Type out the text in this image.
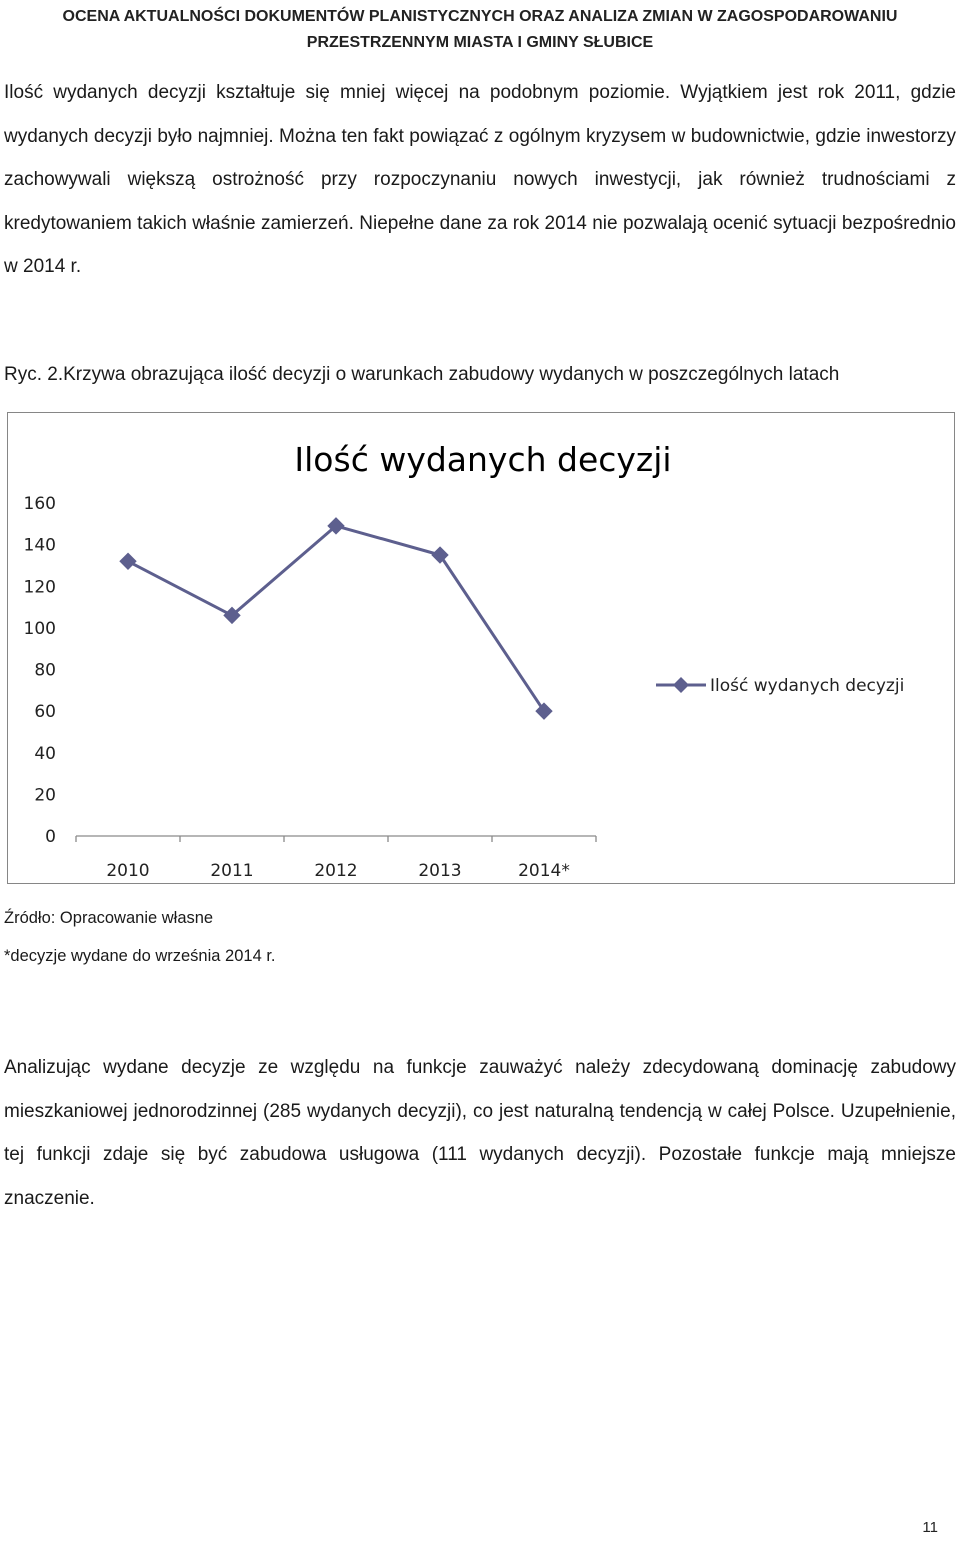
OCENA AKTUALNOŚCI DOKUMENTÓW PLANISTYCZNYCH ORAZ ANALIZA ZMIAN W ZAGOSPODAROWANIU
PRZESTRZENNYM MIASTA I GMINY SŁUBICE

Ilość wydanych decyzji kształtuje się mniej więcej na podobnym poziomie. Wyjątkiem jest rok 2011, gdzie wydanych decyzji było najmniej. Można ten fakt powiązać z ogólnym kryzysem w budownictwie, gdzie inwestorzy zachowywali większą ostrożność przy rozpoczynaniu nowych inwestycji, jak również trudnościami z kredytowaniem takich właśnie zamierzeń. Niepełne dane za rok 2014 nie pozwalają ocenić sytuacji bezpośrednio w 2014 r.

Ryc. 2.Krzywa obrazująca ilość decyzji o warunkach zabudowy wydanych w poszczególnych latach
Ilość wydanych decyzji
0
20
40
60
80
100
120
140
160
2010	2011	2012	2013	2014*
Ilość wydanych decyzji
Źródło: Opracowanie własne
*decyzje wydane do września 2014 r.

Analizując wydane decyzje ze względu na funkcje zauważyć należy zdecydowaną dominację zabudowy mieszkaniowej jednorodzinnej (285 wydanych decyzji), co jest naturalną tendencją w całej Polsce. Uzupełnienie, tej funkcji zdaje się być zabudowa usługowa (111 wydanych decyzji). Pozostałe funkcje mają mniejsze znaczenie.

11
